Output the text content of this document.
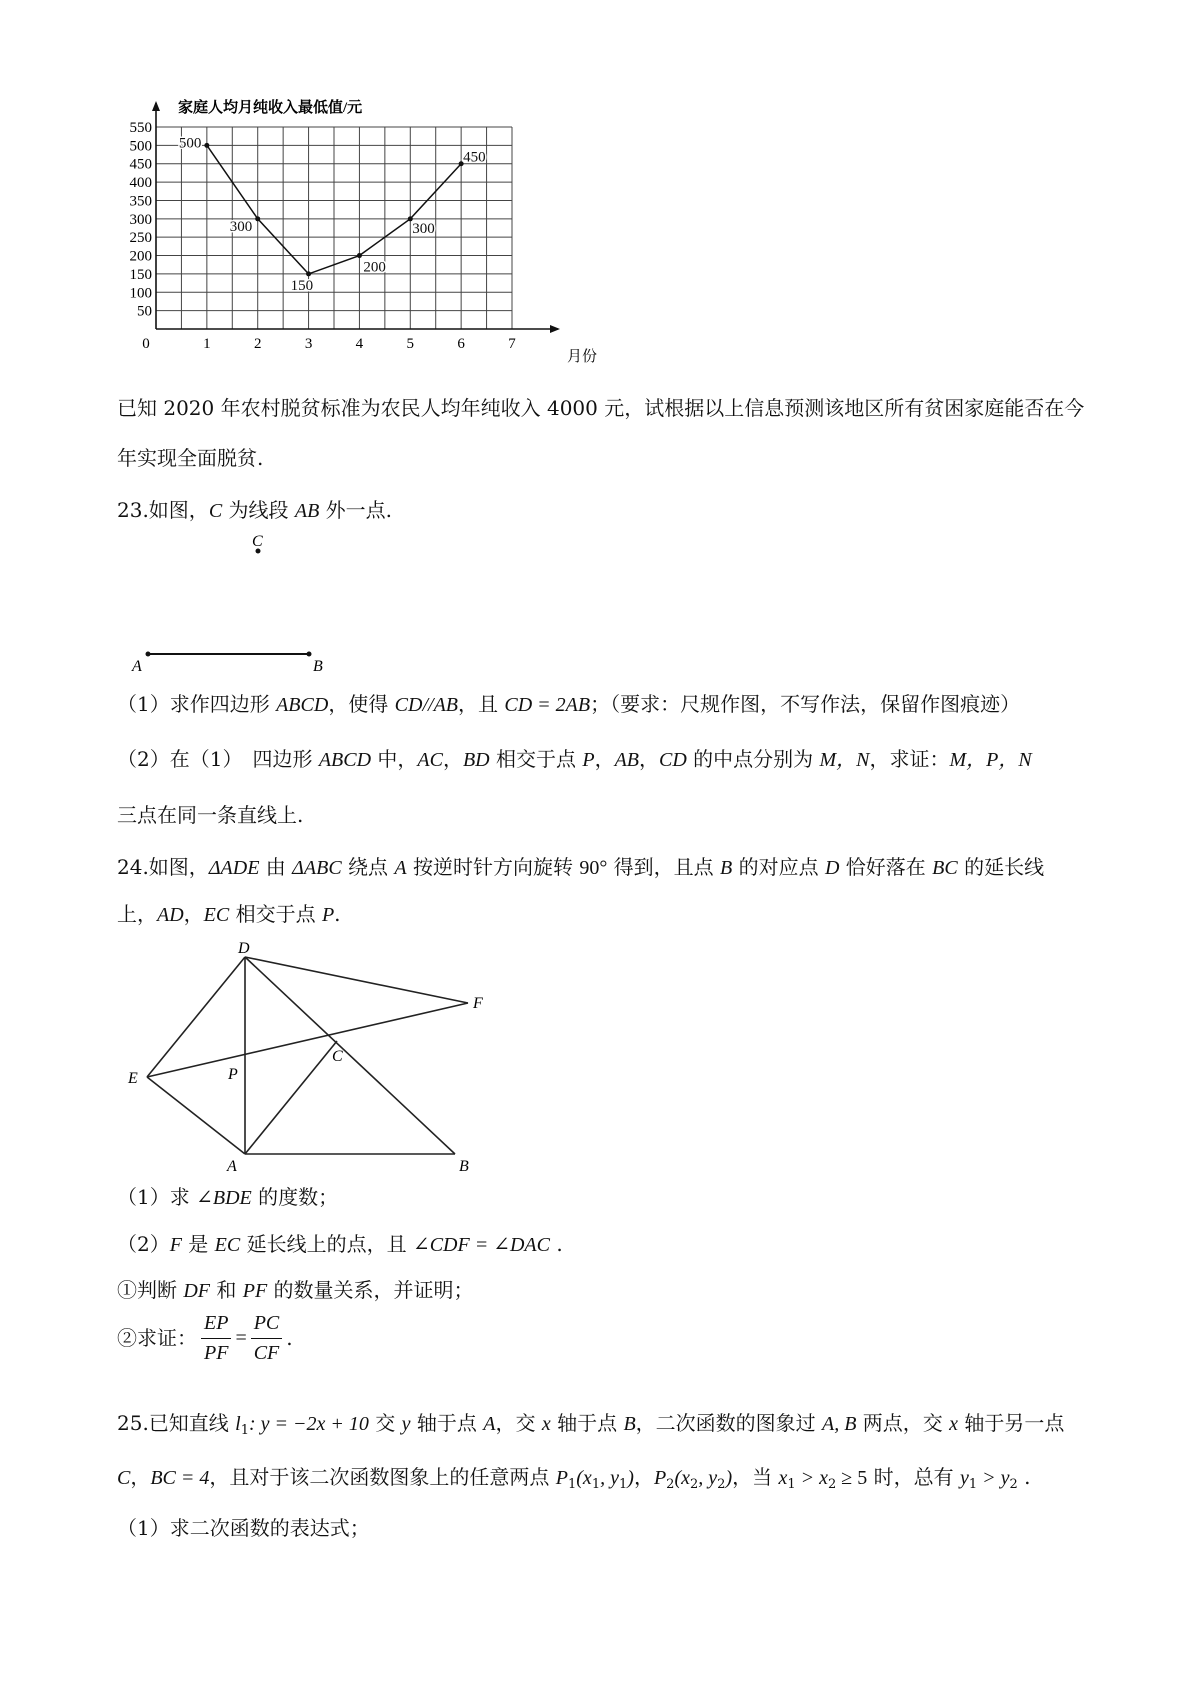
50
100
150
200
250
300
350
400
450
500
550
0	1	2	3	4	5	6	7
500
300
150
200
300
450
家庭人均月纯收入最低值/元
月份
已知 2020 年农村脱贫标准为农民人均年纯收入 4000 元，试根据以上信息预测该地区所有贫困家庭能否在今
年实现全面脱贫.
23.如图，C 为线段 AB 外一点.
C
A	B
（1）求作四边形 ABCD，使得 CD//AB，且 CD = 2AB；（要求：尺规作图，不写作法，保留作图痕迹）
（2）在（1）　四边形 ABCD 中，AC，BD 相交于点 P，AB，CD 的中点分别为 M，N，求证：M，P，N
三点在同一条直线上.
24.如图，ΔADE 由 ΔABC 绕点 A 按逆时针方向旋转 90° 得到，且点 B 的对应点 D 恰好落在 BC 的延长线
上，AD，EC 相交于点 P.
D
F
C
P
E
A	B
（1）求 ∠BDE 的度数；
（2）F 是 EC 延长线上的点，且 ∠CDF = ∠DAC .
①判断 DF 和 PF 的数量关系，并证明；
②求证： $\frac{EP}{PF} = \frac{PC}{CF}$ .
25.已知直线 $l_1$: y = −2x + 10 交 y 轴于点 A，交 x 轴于点 B，二次函数的图象过 A, B 两点，交 x 轴于另一点
C，BC = 4，且对于该二次函数图象上的任意两点 $P_1(x_1$, $y_1$)，$P_2(x_2$, $y_2$)，当 $x_1 > x_2 \ge 5$ 时，总有 $y_1 > y_2$ .
（1）求二次函数的表达式；
